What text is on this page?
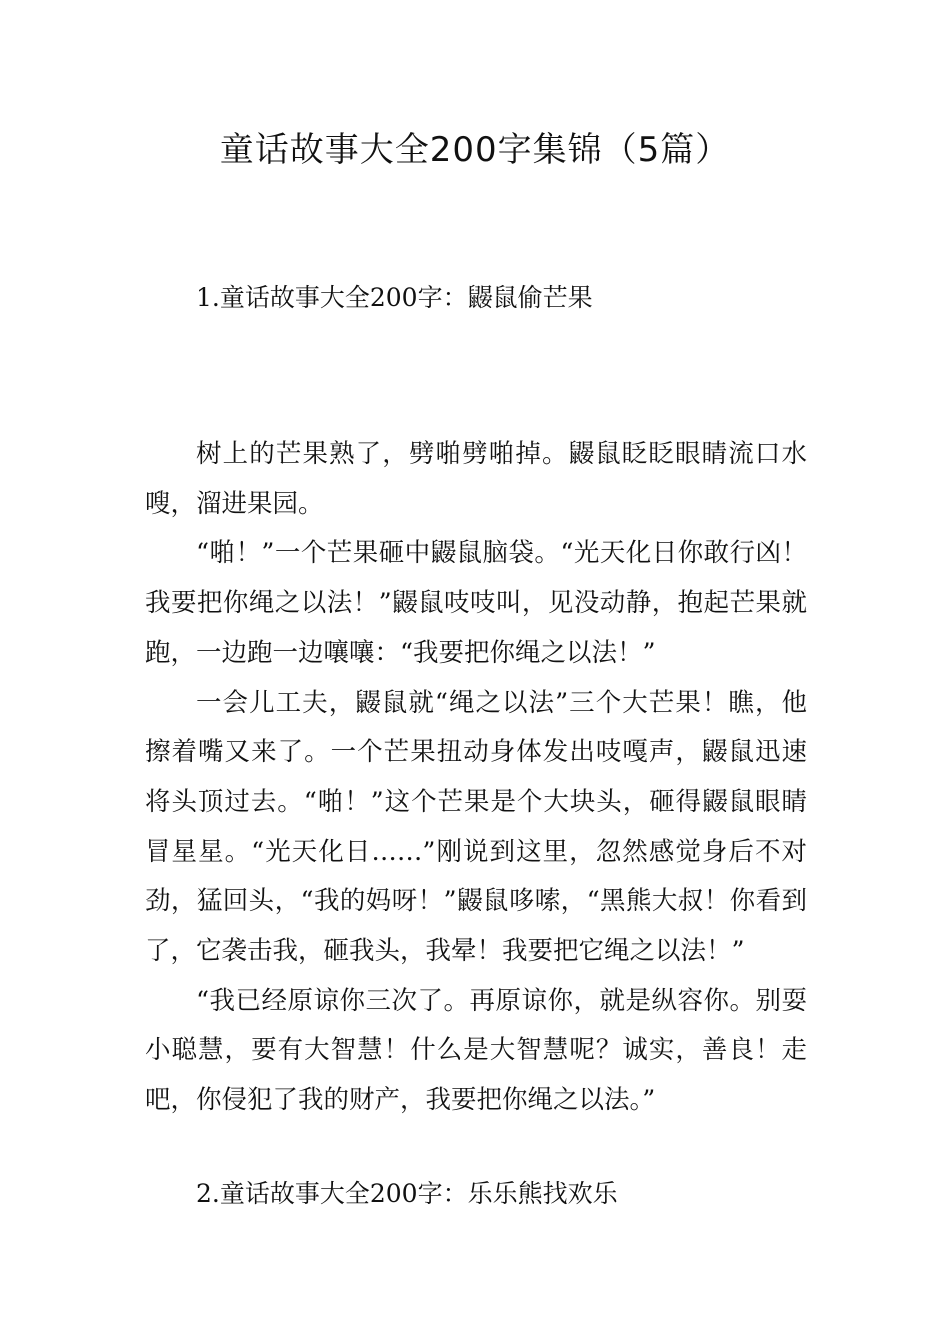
童话故事大全200字集锦（5篇）
1.童话故事大全200字：鼹鼠偷芒果

树上的芒果熟了，劈啪劈啪掉。鼹鼠眨眨眼睛流口水嗖，溜进果园。

“啪！”一个芒果砸中鼹鼠脑袋。“光天化日你敢行凶！我要把你绳之以法！”鼹鼠吱吱叫，见没动静，抱起芒果就跑，一边跑一边嚷嚷：“我要把你绳之以法！”

一会儿工夫，鼹鼠就“绳之以法”三个大芒果！瞧，他擦着嘴又来了。一个芒果扭动身体发出吱嘎声，鼹鼠迅速将头顶过去。“啪！”这个芒果是个大块头，砸得鼹鼠眼睛冒星星。“光天化日……”刚说到这里，忽然感觉身后不对劲，猛回头，“我的妈呀！”鼹鼠哆嗦，“黑熊大叔！你看到了，它袭击我，砸我头，我晕！我要把它绳之以法！”

“我已经原谅你三次了。再原谅你，就是纵容你。别耍小聪慧，要有大智慧！什么是大智慧呢？诚实，善良！走吧，你侵犯了我的财产，我要把你绳之以法。”

2.童话故事大全200字：乐乐熊找欢乐
